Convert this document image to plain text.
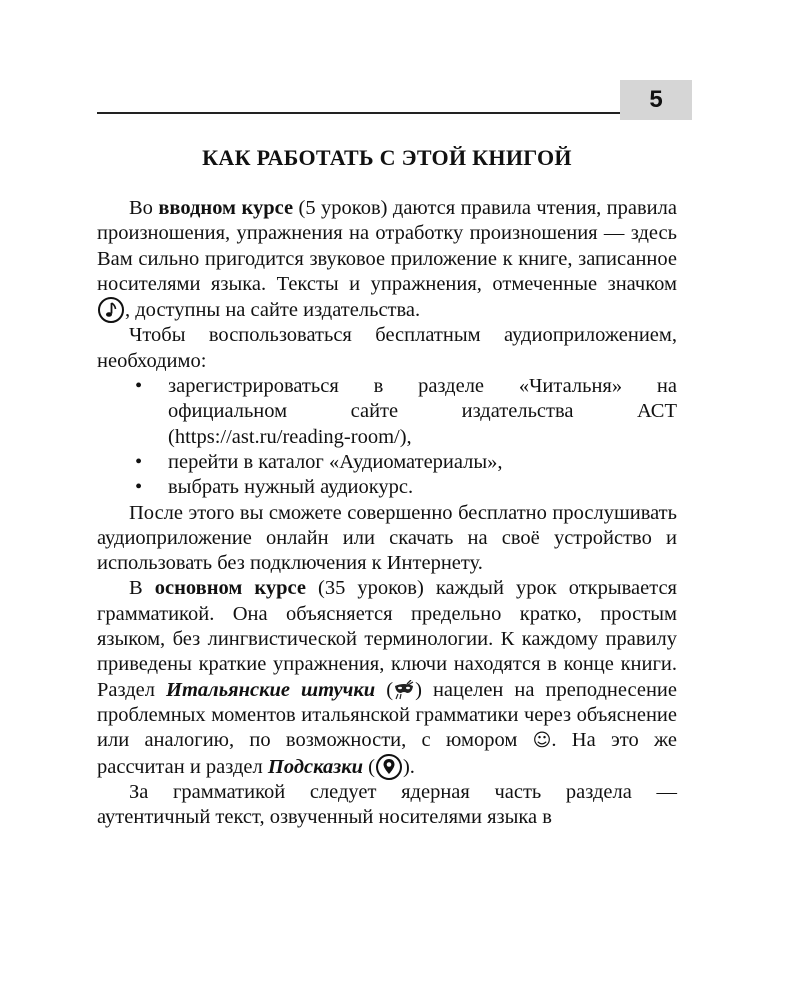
5
КАК РАБОТАТЬ С ЭТОЙ КНИГОЙ

Во вводном курсе (5 уроков) даются правила чтения, правила произношения, упражнения на отработку произношения — здесь Вам сильно пригодится звуковое приложение к книге, записанное носителями языка. Тексты и упражнения, отмеченные значком
, доступны на сайте издательства.

Чтобы воспользоваться бесплатным аудиоприложением, необходимо:

• зарегистрироваться в разделе «Читальня» на официальном сайте издательства АСТ (https://ast.ru/reading-room/),
• перейти в каталог «Аудиоматериалы»,
• выбрать нужный аудиокурс.

После этого вы сможете совершенно бесплатно прослушивать аудиоприложение онлайн или скачать на своё устройство и использовать без подключения к Интернету.

В основном курсе (35 уроков) каждый урок открывается грамматикой. Она объясняется предельно кратко, простым языком, без лингвистической терминологии. К каждому правилу приведены краткие упражнения, ключи находятся в конце книги. Раздел Итальянские штучки ( ) нацелен на преподнесение проблемных моментов итальянской грамматики через объяснение или аналогию, по возможности, с юмором ☺. На это же рассчитан и раздел Подсказки ( ).

За грамматикой следует ядерная часть раздела — аутентичный текст, озвученный носителями языка в
